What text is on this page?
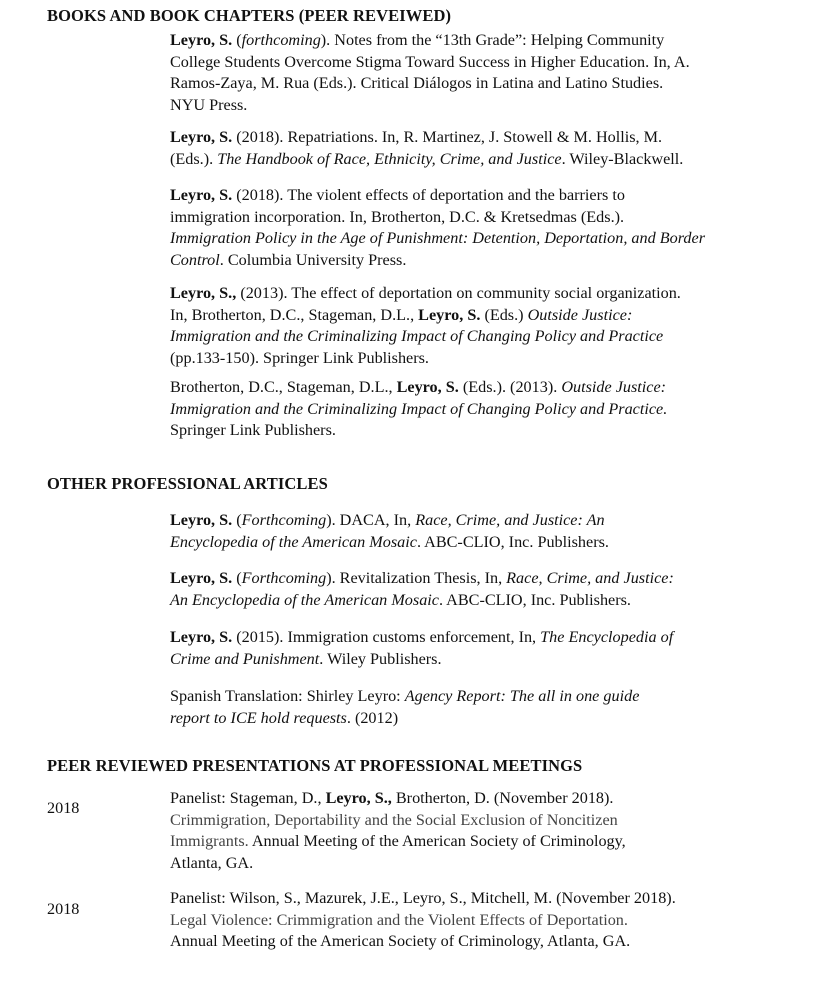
BOOKS AND BOOK CHAPTERS (PEER REVEIWED)

Leyro, S. (forthcoming). Notes from the “13th Grade”: Helping Community
College Students Overcome Stigma Toward Success in Higher Education. In, A.
Ramos-Zaya, M. Rua (Eds.). Critical Diálogos in Latina and Latino Studies.
NYU Press.

Leyro, S. (2018). Repatriations. In, R. Martinez, J. Stowell & M. Hollis, M.
(Eds.). The Handbook of Race, Ethnicity, Crime, and Justice. Wiley-Blackwell.

Leyro, S. (2018). The violent effects of deportation and the barriers to
immigration incorporation. In, Brotherton, D.C. & Kretsedmas (Eds.).
Immigration Policy in the Age of Punishment: Detention, Deportation, and Border
Control. Columbia University Press.

Leyro, S., (2013). The effect of deportation on community social organization.
In, Brotherton, D.C., Stageman, D.L., Leyro, S. (Eds.) Outside Justice:
Immigration and the Criminalizing Impact of Changing Policy and Practice
(pp.133-150). Springer Link Publishers.

Brotherton, D.C., Stageman, D.L., Leyro, S. (Eds.). (2013). Outside Justice:
Immigration and the Criminalizing Impact of Changing Policy and Practice.
Springer Link Publishers.

OTHER PROFESSIONAL ARTICLES

Leyro, S. (Forthcoming). DACA, In, Race, Crime, and Justice: An
Encyclopedia of the American Mosaic. ABC-CLIO, Inc. Publishers.

Leyro, S. (Forthcoming). Revitalization Thesis, In, Race, Crime, and Justice:
An Encyclopedia of the American Mosaic. ABC-CLIO, Inc. Publishers.

Leyro, S. (2015). Immigration customs enforcement, In, The Encyclopedia of
Crime and Punishment. Wiley Publishers.

Spanish Translation: Shirley Leyro: Agency Report: The all in one guide
report to ICE hold requests. (2012)

PEER REVIEWED PRESENTATIONS AT PROFESSIONAL MEETINGS
2018

Panelist: Stageman, D., Leyro, S., Brotherton, D. (November 2018).
Crimmigration, Deportability and the Social Exclusion of Noncitizen
Immigrants. Annual Meeting of the American Society of Criminology,
Atlanta, GA.

2018

Panelist: Wilson, S., Mazurek, J.E., Leyro, S., Mitchell, M. (November 2018).
Legal Violence: Crimmigration and the Violent Effects of Deportation.
Annual Meeting of the American Society of Criminology, Atlanta, GA.
